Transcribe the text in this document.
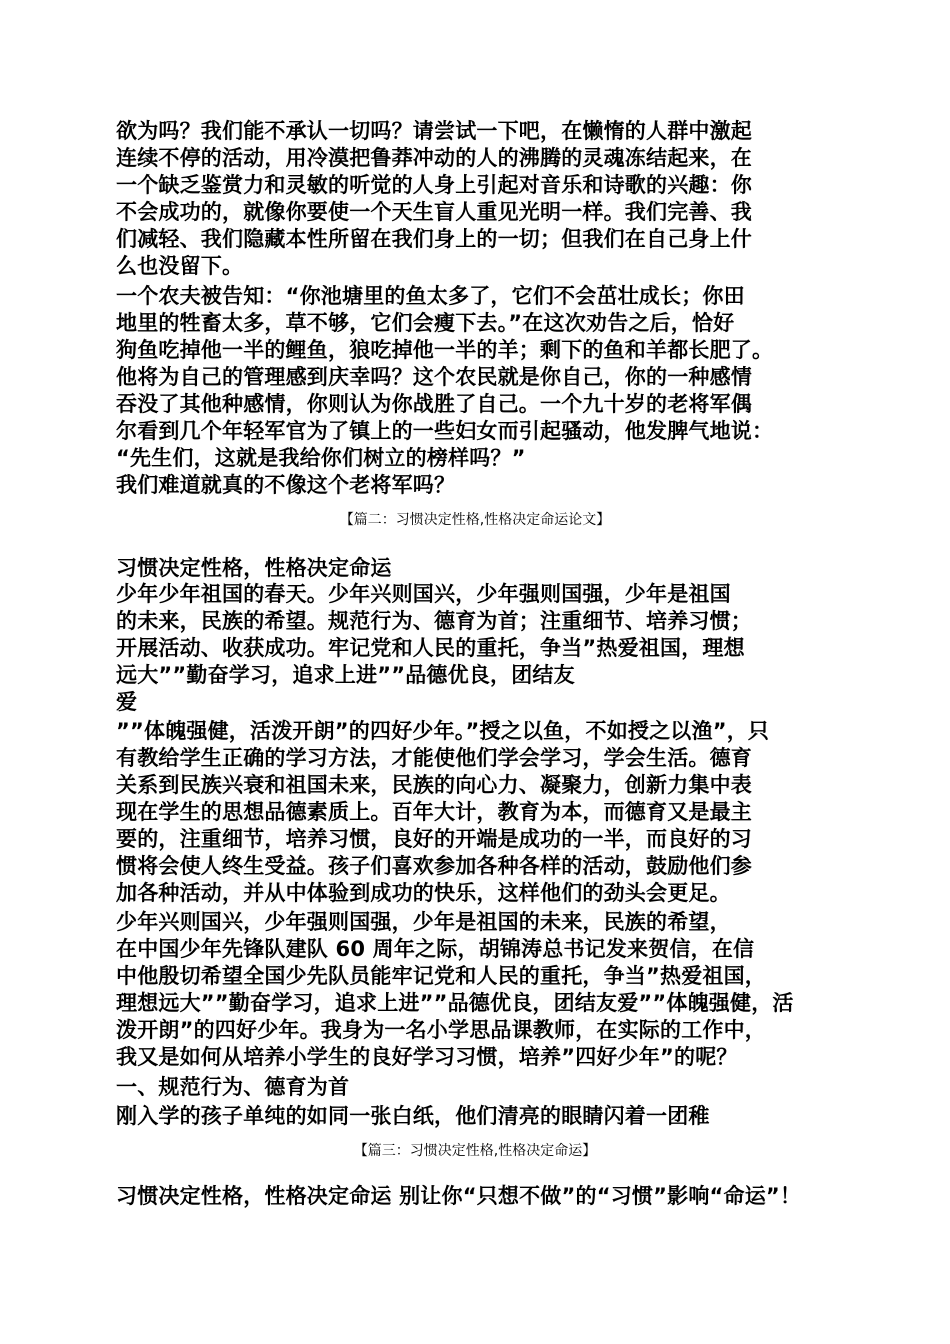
欲为吗？我们能不承认一切吗？请尝试一下吧，在懒惰的人群中激起
连续不停的活动，用冷漠把鲁莽冲动的人的沸腾的灵魂冻结起来，在
一个缺乏鉴赏力和灵敏的听觉的人身上引起对音乐和诗歌的兴趣：你
不会成功的，就像你要使一个天生盲人重见光明一样。我们完善、我
们减轻、我们隐藏本性所留在我们身上的一切；但我们在自己身上什
么也没留下。
一个农夫被告知：“你池塘里的鱼太多了，它们不会茁壮成长；你田
地里的牲畜太多，草不够，它们会瘦下去。”在这次劝告之后，恰好
狗鱼吃掉他一半的鲤鱼，狼吃掉他一半的羊；剩下的鱼和羊都长肥了。
他将为自己的管理感到庆幸吗？这个农民就是你自己，你的一种感情
吞没了其他种感情，你则认为你战胜了自己。一个九十岁的老将军偶
尔看到几个年轻军官为了镇上的一些妇女而引起骚动，他发脾气地说：
“先生们，这就是我给你们树立的榜样吗？”
我们难道就真的不像这个老将军吗？
【篇二：习惯决定性格,性格决定命运论文】
习惯决定性格，性格决定命运
少年少年祖国的春天。少年兴则国兴，少年强则国强，少年是祖国
的未来，民族的希望。规范行为、德育为首；注重细节、培养习惯；
开展活动、收获成功。牢记党和人民的重托，争当”热爱祖国，理想
远大””勤奋学习，追求上进””品德优良，团结友
爱
””体魄强健，活泼开朗”的四好少年。”授之以鱼，不如授之以渔”，只
有教给学生正确的学习方法，才能使他们学会学习，学会生活。德育
关系到民族兴衰和祖国未来，民族的向心力、凝聚力，创新力集中表
现在学生的思想品德素质上。百年大计，教育为本，而德育又是最主
要的，注重细节，培养习惯，良好的开端是成功的一半，而良好的习
惯将会使人终生受益。孩子们喜欢参加各种各样的活动，鼓励他们参
加各种活动，并从中体验到成功的快乐，这样他们的劲头会更足。
少年兴则国兴，少年强则国强，少年是祖国的未来，民族的希望，
在中国少年先锋队建队 60 周年之际，胡锦涛总书记发来贺信，在信
中他殷切希望全国少先队员能牢记党和人民的重托，争当”热爱祖国，
理想远大””勤奋学习，追求上进””品德优良，团结友爱””体魄强健，活
泼开朗”的四好少年。我身为一名小学思品课教师，在实际的工作中，
我又是如何从培养小学生的良好学习习惯，培养”四好少年”的呢？
一、规范行为、德育为首
刚入学的孩子单纯的如同一张白纸，他们清亮的眼睛闪着一团稚
【篇三：习惯决定性格,性格决定命运】
习惯决定性格，性格决定命运 别让你“只想不做”的“习惯”影响“命运”！
